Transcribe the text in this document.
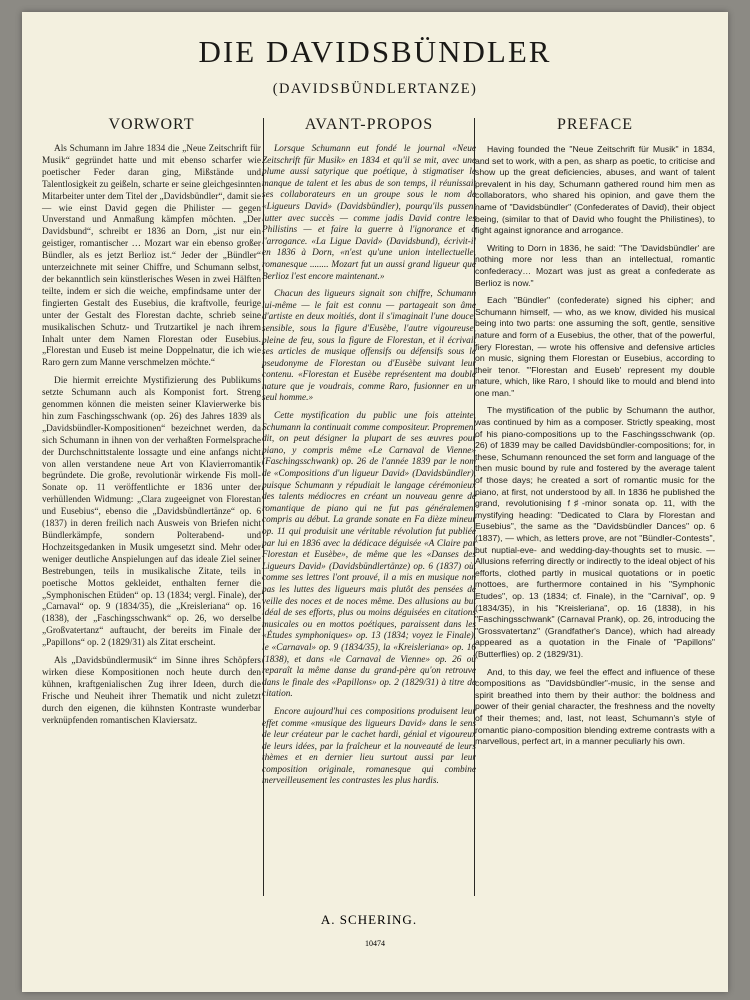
DIE DAVIDSBÜNDLER
(DAVIDSBÜNDLERTANZE)
VORWORT

Als Schumann im Jahre 1834 die „Neue Zeitschrift für Musik“ gegründet hatte und mit ebenso scharfer wie poetischer Feder daran ging, Mißstände und Talentlosigkeit zu geißeln, scharte er seine gleichgesinnten Mitarbeiter unter dem Titel der „Davidsbündler“, damit sie — wie einst David gegen die Philister — gegen Unverstand und Anmaßung kämpfen möchten. „Der Davidsbund“, schreibt er 1836 an Dorn, „ist nur ein geistiger, romantischer … Mozart war ein ebenso großer Bündler, als es jetzt Berlioz ist.“ Jeder der „Bündler“ unterzeichnete mit seiner Chiffre, und Schumann selbst, der bekanntlich sein künstlerisches Wesen in zwei Hälften teilte, indem er sich die weiche, empfindsame unter der fingierten Gestalt des Eusebius, die kraftvolle, feurige unter der Gestalt des Florestan dachte, schrieb seine musikalischen Schutz- und Trutzartikel je nach ihrem Inhalt unter dem Namen Florestan oder Eusebius. „Florestan und Euseb ist meine Doppelnatur, die ich wie Raro gern zum Manne verschmelzen möchte.“

Die hiermit erreichte Mystifizierung des Publikums setzte Schumann auch als Komponist fort. Streng genommen können die meisten seiner Klavierwerke bis hin zum Faschingsschwank (op. 26) des Jahres 1839 als „Davidsbündler-Kompositionen“ bezeichnet werden, da sich Schumann in ihnen von der verhaßten Formelsprache der Durchschnittstalente lossagte und eine anfangs nicht von allen verstandene neue Art von Klavierromantik begründete. Die große, revolutionär wirkende Fis moll-Sonate op. 11 veröffentlichte er 1836 unter der verhüllenden Widmung: „Clara zugeeignet von Florestan und Eusebius“, ebenso die „Davidsbündlertänze“ op. 6 (1837) in deren freilich nach Ausweis von Briefen nicht Bündlerkämpfe, sondern Polterabend- und Hochzeitsgedanken in Musik umgesetzt sind. Mehr oder weniger deutliche Anspielungen auf das ideale Ziel seiner Bestrebungen, teils in musikalische Zitate, teils in poetische Mottos gekleidet, enthalten ferner die „Symphonischen Etüden“ op. 13 (1834; vergl. Finale), der „Carnaval“ op. 9 (1834/35), die „Kreisleriana“ op. 16 (1838), der „Faschingsschwank“ op. 26, wo derselbe „Großvatertanz“ auftaucht, der bereits im Finale der „Papillons“ op. 2 (1829/31) als Zitat erscheint.

Als „Davidsbündlermusik“ im Sinne ihres Schöpfers wirken diese Kompositionen noch heute durch den kühnen, kraftgenialischen Zug ihrer Ideen, durch die Frische und Neuheit ihrer Thematik und nicht zuletzt durch den eigenen, die kühnsten Kontraste wunderbar verknüpfenden romantischen Klaviersatz.

AVANT-PROPOS

Lorsque Schumann eut fondé le journal «Neue Zeitschrift für Musik» en 1834 et qu'il se mit, avec une plume aussi satyrique que poétique, à stigmatiser le manque de talent et les abus de son temps, il réunissait ses collaborateurs en un groupe sous le nom de «Ligueurs David» (Davidsbündler), pourqu'ils pussent lutter avec succès — comme jadis David contre les Philistins — et faire la guerre à l'ignorance et à l'arrogance. «La Ligue David» (Davidsbund), écrivit-il en 1836 à Dorn, «n'est qu'une union intellectuelle, romanesque ........ Mozart fut un aussi grand ligueur que Berlioz l'est encore maintenant.»

Chacun des ligueurs signait son chiffre, Schumann lui-même — le fait est connu — partageait son âme d'artiste en deux moitiés, dont il s'imaginait l'une douce, sensible, sous la figure d'Eusèbe, l'autre vigoureuse, pleine de feu, sous la figure de Florestan, et il écrivait ses articles de musique offensifs ou défensifs sous le pseudonyme de Florestan ou d'Eusèbe suivant leur contenu. «Florestan et Eusèbe représentent ma double nature que je voudrais, comme Raro, fusionner en un seul homme.»

Cette mystification du public une fois atteinte, Schumann la continuait comme compositeur. Proprement dit, on peut désigner la plupart de ses œuvres pour piano, y compris même «Le Carnaval de Vienne» (Faschingsschwank) op. 26 de l'année 1839 par le nom de «Compositions d'un ligueur David» (Davidsbündler), puisque Schumann y répudiait le langage cérémonieux des talents médiocres en créant un nouveau genre de romantique de piano qui ne fut pas généralement compris au début. La grande sonate en Fa dièze mineur op. 11 qui produisit une véritable révolution fut publiée par lui en 1836 avec la dédicace déguisée «A Claire par Florestan et Eusèbe», de même que les «Danses des Ligueurs David» (Davidsbündlertänze) op. 6 (1837) où, comme ses lettres l'ont prouvé, il a mis en musique non pas les luttes des ligueurs mais plutôt des pensées de veille des noces et de noces même. Des allusions au but idéal de ses efforts, plus ou moins déguisées en citations musicales ou en mottos poétiques, paraissent dans les «Études symphoniques» op. 13 (1834; voyez le Finale), le «Carnaval» op. 9 (1834/35), la «Kreisleriana» op. 16 (1838), et dans «le Carnaval de Vienne» op. 26 où reparaît la même danse du grand-père qu'on retrouve dans le finale des «Papillons» op. 2 (1829/31) à titre de citation.

Encore aujourd'hui ces compositions produisent leur effet comme «musique des ligueurs David» dans le sens de leur créateur par le cachet hardi, génial et vigoureux de leurs idées, par la fraîcheur et la nouveauté de leurs thèmes et en dernier lieu surtout aussi par leur composition originale, romanesque qui combine merveilleusement les contrastes les plus hardis.

PREFACE

Having founded the "Neue Zeitschrift für Musik" in 1834, and set to work, with a pen, as sharp as poetic, to criticise and show up the great deficiencies, abuses, and want of talent prevalent in his day, Schumann gathered round him men as collaborators, who shared his opinion, and gave them the name of "Davidsbündler" (Confederates of David), their object being, (similar to that of David who fought the Philistines), to fight against ignorance and arrogance.

Writing to Dorn in 1836, he said: "The 'Davidsbündler' are nothing more nor less than an intellectual, romantic confederacy… Mozart was just as great a confederate as Berlioz is now."

Each "Bündler" (confederate) signed his cipher; and Schumann himself, — who, as we know, divided his musical being into two parts: one assuming the soft, gentle, sensitive nature and form of a Eusebius, the other, that of the powerful, fiery Florestan, — wrote his offensive and defensive articles on music, signing them Florestan or Eusebius, according to their tenor. "'Florestan and Euseb' represent my double nature, which, like Raro, I should like to mould and blend into one man."

The mystification of the public by Schumann the author, was continued by him as a composer. Strictly speaking, most of his piano-compositions up to the Faschingsschwank (op. 26) of 1839 may be called Davidsbündler-compositions; for, in these, Schumann renounced the set form and language of the then music bound by rule and fostered by the average talent of those days; he created a sort of romantic music for the piano, at first, not understood by all. In 1836 he published the grand, revolutionising f♯-minor sonata op. 11, with the mystifying heading: "Dedicated to Clara by Florestan and Eusebius", the same as the "Davidsbündler Dances" op. 6 (1837), — which, as letters prove, are not "Bündler-Contests", but nuptial-eve- and wedding-day-thoughts set to music. — Allusions referring directly or indirectly to the ideal object of his efforts, clothed partly in musical quotations or in poetic mottoes, are furthermore contained in his "Symphonic Etudes", op. 13 (1834; cf. Finale), in the "Carnival", op. 9 (1834/35), in his "Kreisleriana", op. 16 (1838), in his "Faschingsschwank" (Carnaval Prank), op. 26, introducing the "Grossvatertanz" (Grandfather's Dance), which had already appeared as a quotation in the Finale of "Papillons" (Butterflies) op. 2 (1829/31).

And, to this day, we feel the effect and influence of these compositions as "Davidsbündler"-music, in the sense and spirit breathed into them by their author: the boldness and power of their genial character, the freshness and the novelty of their themes; and, last, not least, Schumann's style of romantic piano-composition blending extreme contrasts with a marvellous, perfect art, in a manner peculiarly his own.

A. SCHERING.
10474
